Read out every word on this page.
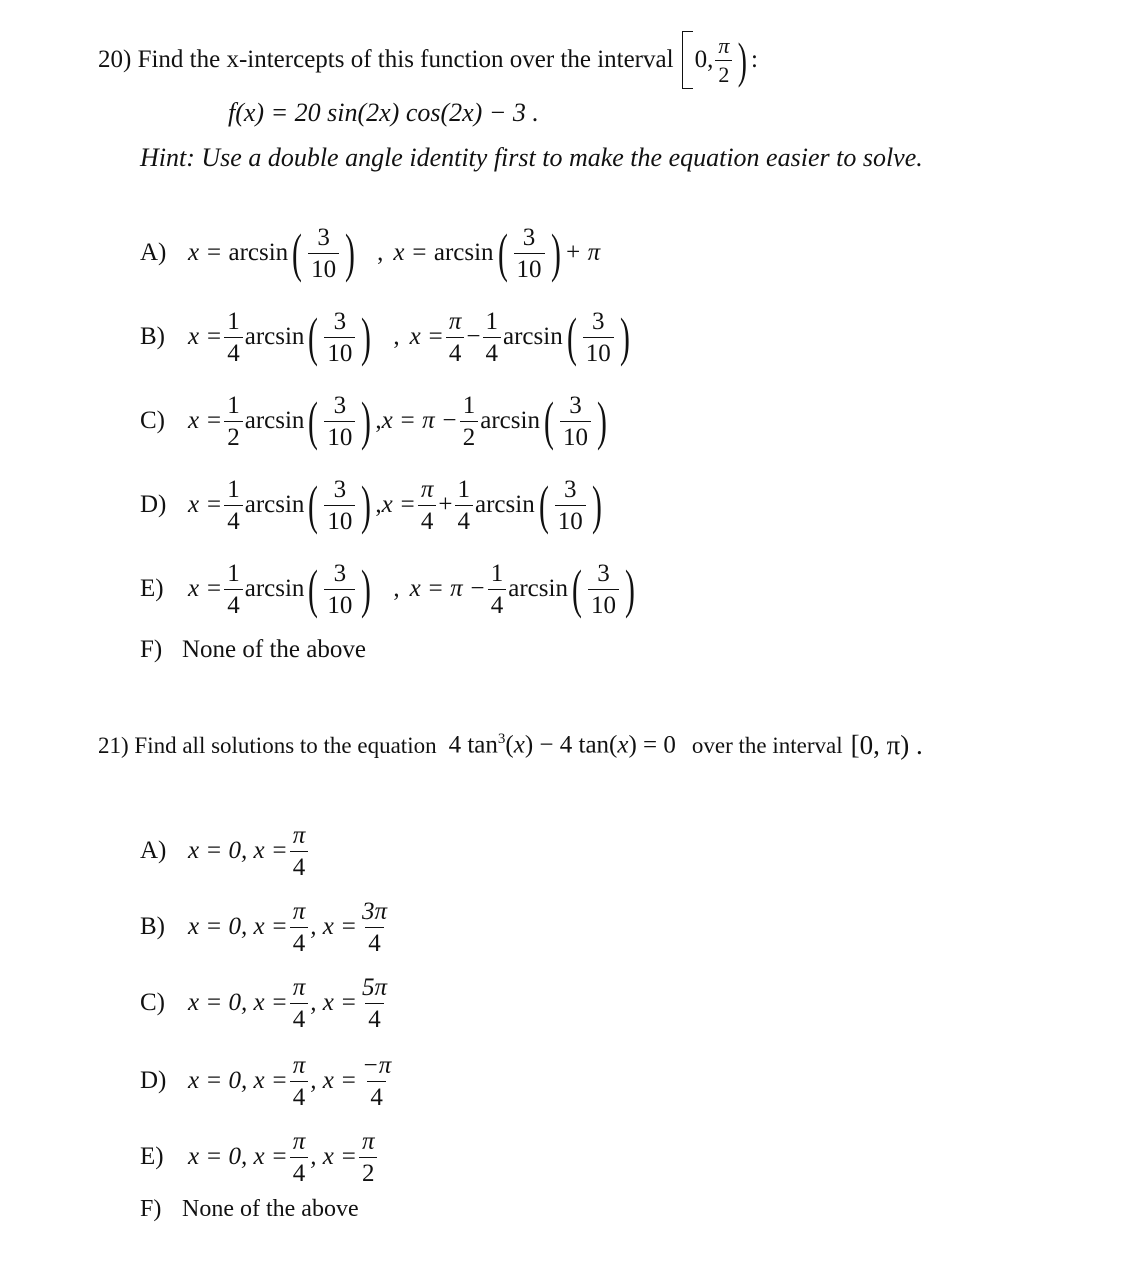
20) Find the x-intercepts of this function over the interval 0, $\frac{\pi}{2}$ ) :
f(x) = 20 sin(2x) cos(2x) − 3 .
Hint: Use a double angle identity first to make the equation easier to solve.
A) x =
arcsin ( $\frac{3}{10}$ ) , x =
arcsin ( $\frac{3}{10}$ ) + π
B) $x = \frac{1}{4}$ arcsin ( $\frac{3}{10}$ ) , $x = \frac{\pi}{4} - \frac{1}{4}$ arcsin ( $\frac{3}{10}$ )
C) $x = \frac{1}{2}$ arcsin ( $\frac{3}{10}$ ) , x =
$\pi - \frac{1}{2}$ arcsin ( $\frac{3}{10}$ )
D) $x = \frac{1}{4}$ arcsin ( $\frac{3}{10}$ ) , $x = \frac{\pi}{4} + \frac{1}{4}$ arcsin ( $\frac{3}{10}$ )
E) $x = \frac{1}{4}$ arcsin ( $\frac{3}{10}$ ) , x =
$\pi - \frac{1}{4}$ arcsin ( $\frac{3}{10}$ )
F) None of the above
21) Find all solutions to the equation 4 $\tan^3(x) - 4$ tan(x) = 0 over the interval [0, π) .
A) x = 0, $x = \frac{\pi}{4}$
B) x = 0, $x = \frac{\pi}{4}$ , $x = \frac{3\pi}{4}$
C) x = 0, $x = \frac{\pi}{4}$ , $x = \frac{5\pi}{4}$
D) x = 0, $x = \frac{\pi}{4}$ , $x = \frac{-\pi}{4}$
E) x = 0, $x = \frac{\pi}{4}$ , $x = \frac{\pi}{2}$
F) None of the above
